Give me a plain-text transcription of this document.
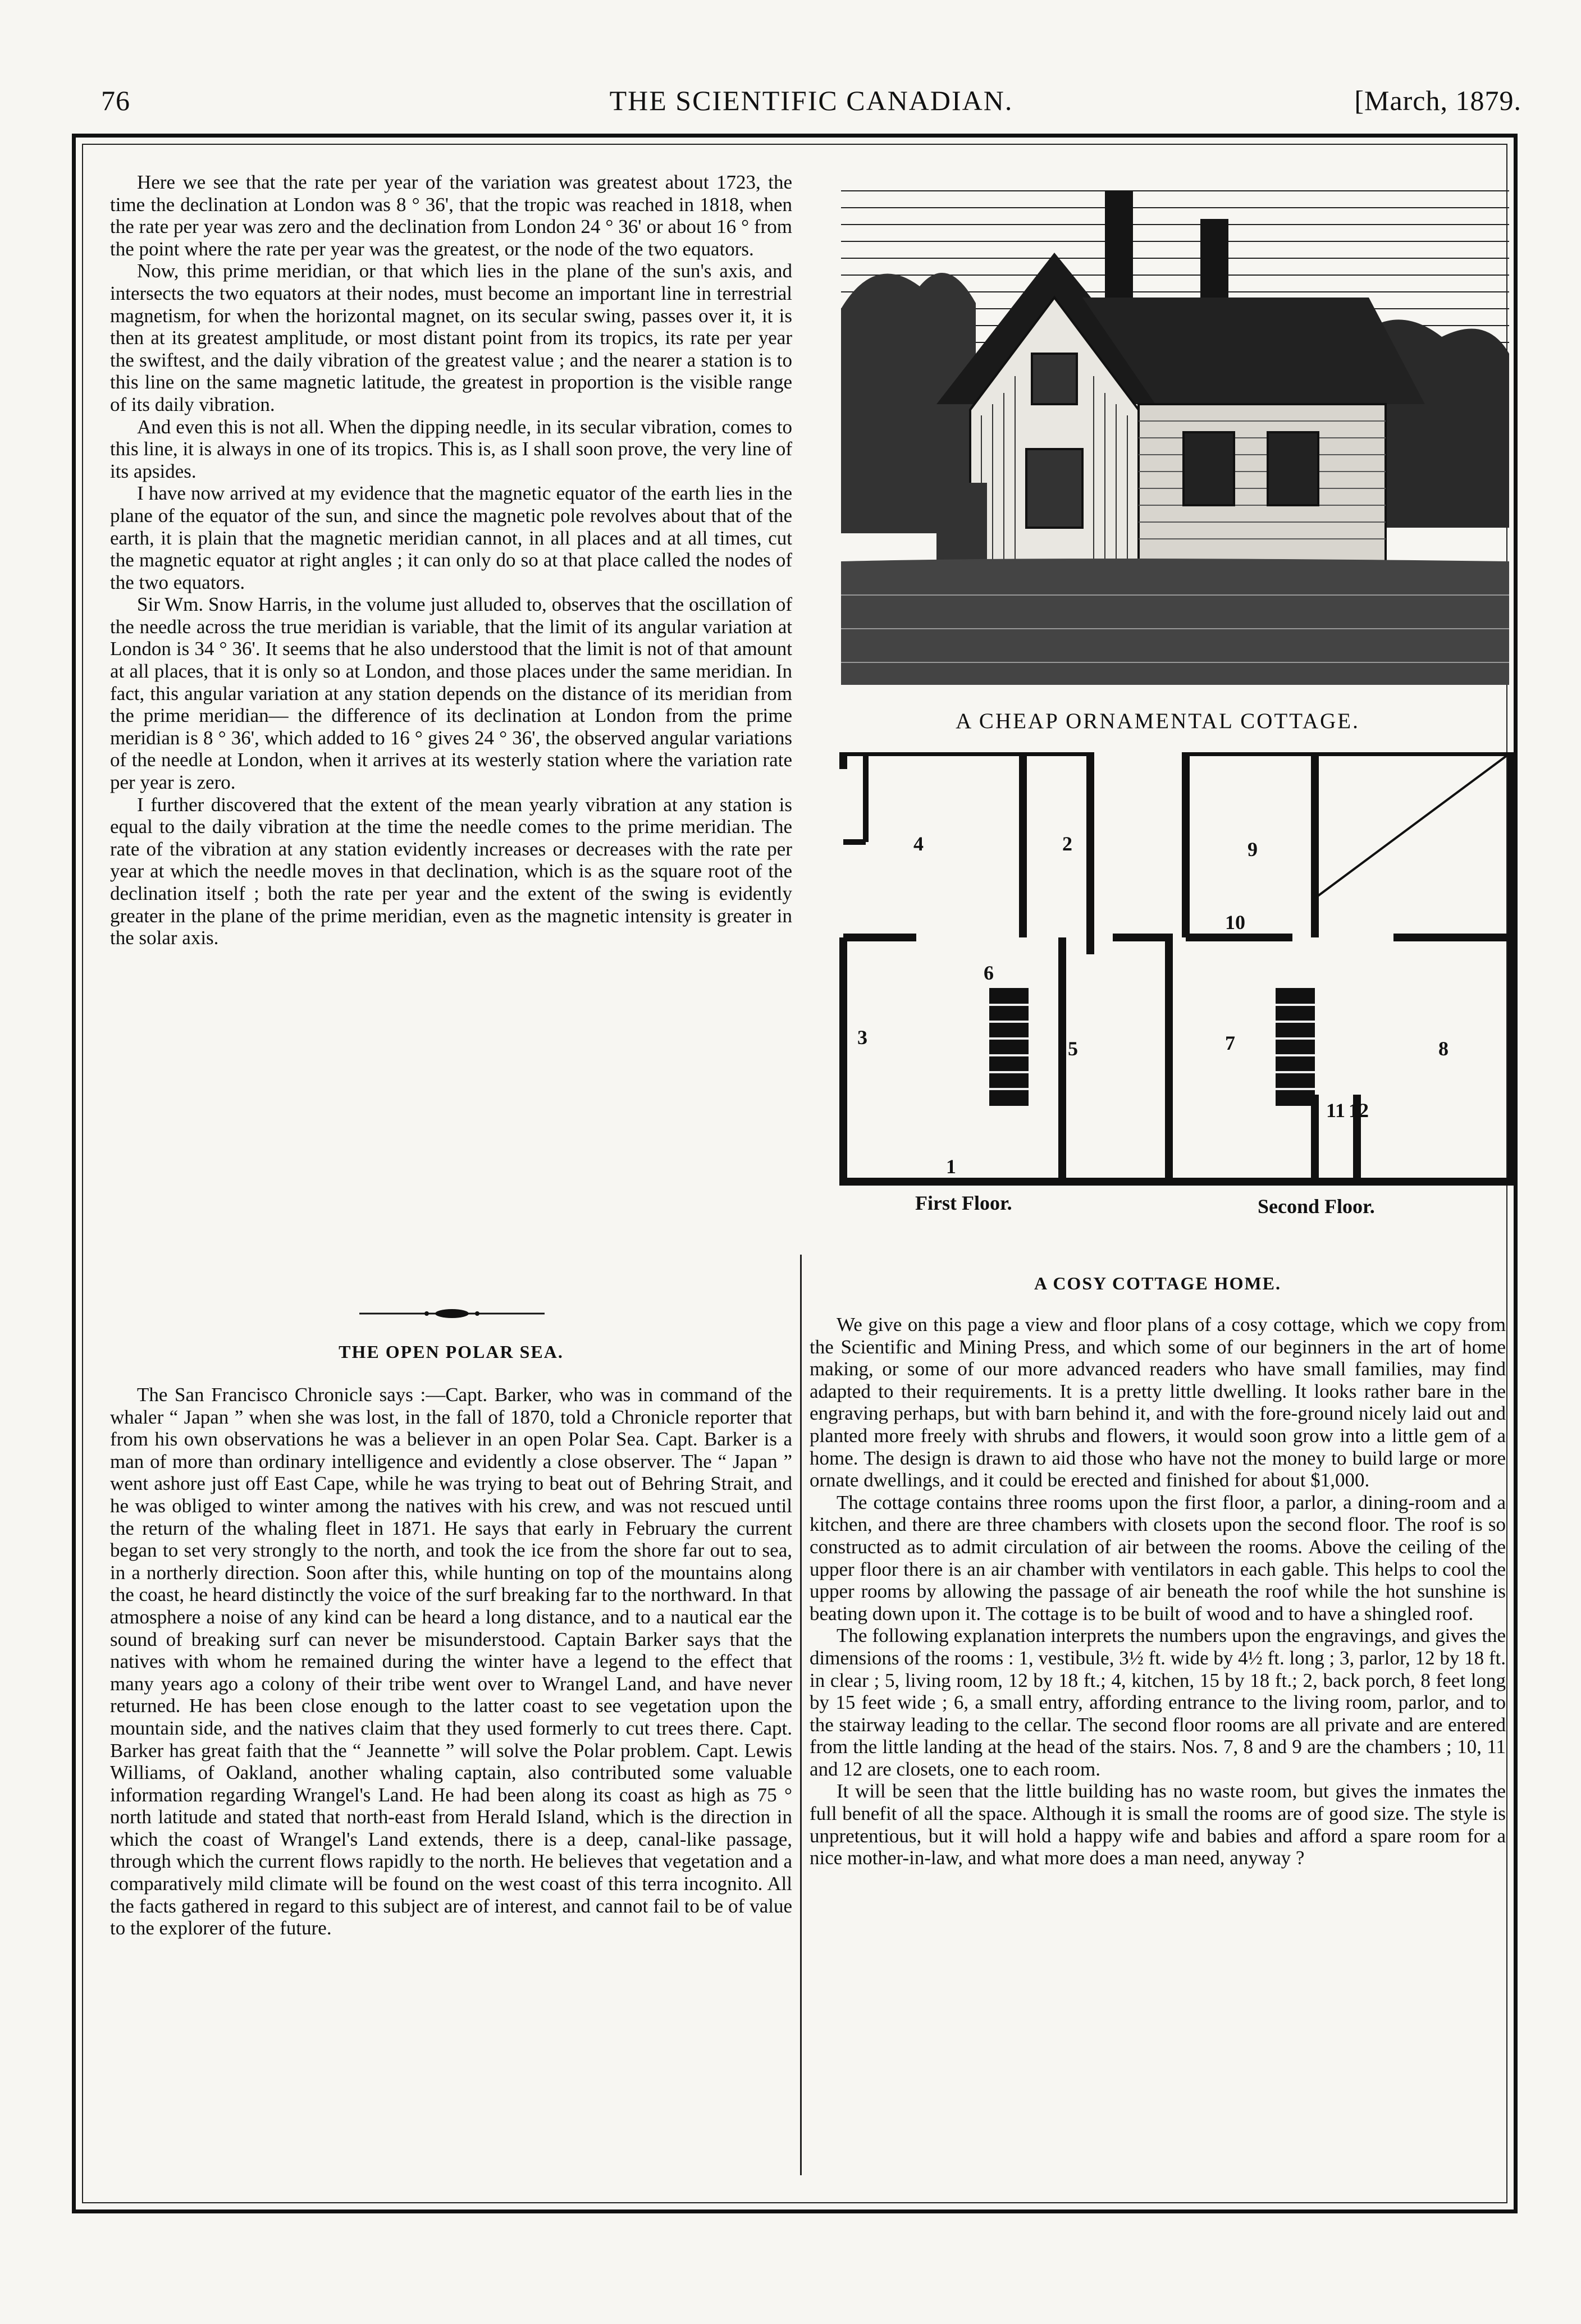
76	THE SCIENTIFIC CANADIAN.	[March, 1879.

Here we see that the rate per year of the variation was greatest about 1723, the time the declination at London was 8 ° 36', that the tropic was reached in 1818, when the rate per year was zero and the declination from London 24 ° 36' or about 16 ° from the point where the rate per year was the greatest, or the node of the two equators.

Now, this prime meridian, or that which lies in the plane of the sun's axis, and intersects the two equators at their nodes, must become an important line in terrestrial magnetism, for when the horizontal magnet, on its secular swing, passes over it, it is then at its greatest amplitude, or most distant point from its tropics, its rate per year the swiftest, and the daily vibration of the greatest value ; and the nearer a station is to this line on the same magnetic latitude, the greatest in proportion is the visible range of its daily vibration.

And even this is not all. When the dipping needle, in its secular vibration, comes to this line, it is always in one of its tropics. This is, as I shall soon prove, the very line of its apsides.

I have now arrived at my evidence that the magnetic equator of the earth lies in the plane of the equator of the sun, and since the magnetic pole revolves about that of the earth, it is plain that the magnetic meridian cannot, in all places and at all times, cut the magnetic equator at right angles ; it can only do so at that place called the nodes of the two equators.

Sir Wm. Snow Harris, in the volume just alluded to, observes that the oscillation of the needle across the true meridian is variable, that the limit of its angular variation at London is 34 ° 36'. It seems that he also understood that the limit is not of that amount at all places, that it is only so at London, and those places under the same meridian. In fact, this angular variation at any station depends on the distance of its meridian from the prime meridian— the difference of its declination at London from the prime meridian is 8 ° 36', which added to 16 ° gives 24 ° 36', the observed angular variations of the needle at London, when it arrives at its westerly station where the variation rate per year is zero.

I further discovered that the extent of the mean yearly vibration at any station is equal to the daily vibration at the time the needle comes to the prime meridian. The rate of the vibration at any station evidently increases or decreases with the rate per year at which the needle moves in that declination, which is as the square root of the declination itself ; both the rate per year and the extent of the swing is evidently greater in the plane of the prime meridian, even as the magnetic intensity is greater in the solar axis.

THE OPEN POLAR SEA.

The San Francisco Chronicle says :—Capt. Barker, who was in command of the whaler “ Japan ” when she was lost, in the fall of 1870, told a Chronicle reporter that from his own observations he was a believer in an open Polar Sea. Capt. Barker is a man of more than ordinary intelligence and evidently a close observer. The “ Japan ” went ashore just off East Cape, while he was trying to beat out of Behring Strait, and he was obliged to winter among the natives with his crew, and was not rescued until the return of the whaling fleet in 1871. He says that early in February the current began to set very strongly to the north, and took the ice from the shore far out to sea, in a northerly direction. Soon after this, while hunting on top of the mountains along the coast, he heard distinctly the voice of the surf breaking far to the northward. In that atmosphere a noise of any kind can be heard a long distance, and to a nautical ear the sound of breaking surf can never be misunderstood. Captain Barker says that the natives with whom he remained during the winter have a legend to the effect that many years ago a colony of their tribe went over to Wrangel Land, and have never returned. He has been close enough to the latter coast to see vegetation upon the mountain side, and the natives claim that they used formerly to cut trees there. Capt. Barker has great faith that the “ Jeannette ” will solve the Polar problem. Capt. Lewis Williams, of Oakland, another whaling captain, also contributed some valuable information regarding Wrangel's Land. He had been along its coast as high as 75 ° north latitude and stated that north-east from Herald Island, which is the direction in which the coast of Wrangel's Land extends, there is a deep, canal-like passage, through which the current flows rapidly to the north. He believes that vegetation and a comparatively mild climate will be found on the west coast of this terra incognito. All the facts gathered in regard to this subject are of interest, and cannot fail to be of value to the explorer of the future.

A CHEAP ORNAMENTAL COTTAGE.
1
2
3
4
5
6
7	8
9
10
11 12
First Floor.	Second Floor.
A COSY COTTAGE HOME.

We give on this page a view and floor plans of a cosy cottage, which we copy from the Scientific and Mining Press, and which some of our beginners in the art of home making, or some of our more advanced readers who have small families, may find adapted to their requirements. It is a pretty little dwelling. It looks rather bare in the engraving perhaps, but with barn behind it, and with the fore-ground nicely laid out and planted more freely with shrubs and flowers, it would soon grow into a little gem of a home. The design is drawn to aid those who have not the money to build large or more ornate dwellings, and it could be erected and finished for about $1,000.

The cottage contains three rooms upon the first floor, a parlor, a dining-room and a kitchen, and there are three chambers with closets upon the second floor. The roof is so constructed as to admit circulation of air between the rooms. Above the ceiling of the upper floor there is an air chamber with ventilators in each gable. This helps to cool the upper rooms by allowing the passage of air beneath the roof while the hot sunshine is beating down upon it. The cottage is to be built of wood and to have a shingled roof.

The following explanation interprets the numbers upon the engravings, and gives the dimensions of the rooms : 1, vestibule, 3½ ft. wide by 4½ ft. long ; 3, parlor, 12 by 18 ft. in clear ; 5, living room, 12 by 18 ft.; 4, kitchen, 15 by 18 ft.; 2, back porch, 8 feet long by 15 feet wide ; 6, a small entry, affording entrance to the living room, parlor, and to the stairway leading to the cellar. The second floor rooms are all private and are entered from the little landing at the head of the stairs. Nos. 7, 8 and 9 are the chambers ; 10, 11 and 12 are closets, one to each room.

It will be seen that the little building has no waste room, but gives the inmates the full benefit of all the space. Although it is small the rooms are of good size. The style is unpretentious, but it will hold a happy wife and babies and afford a spare room for a nice mother-in-law, and what more does a man need, anyway ?
